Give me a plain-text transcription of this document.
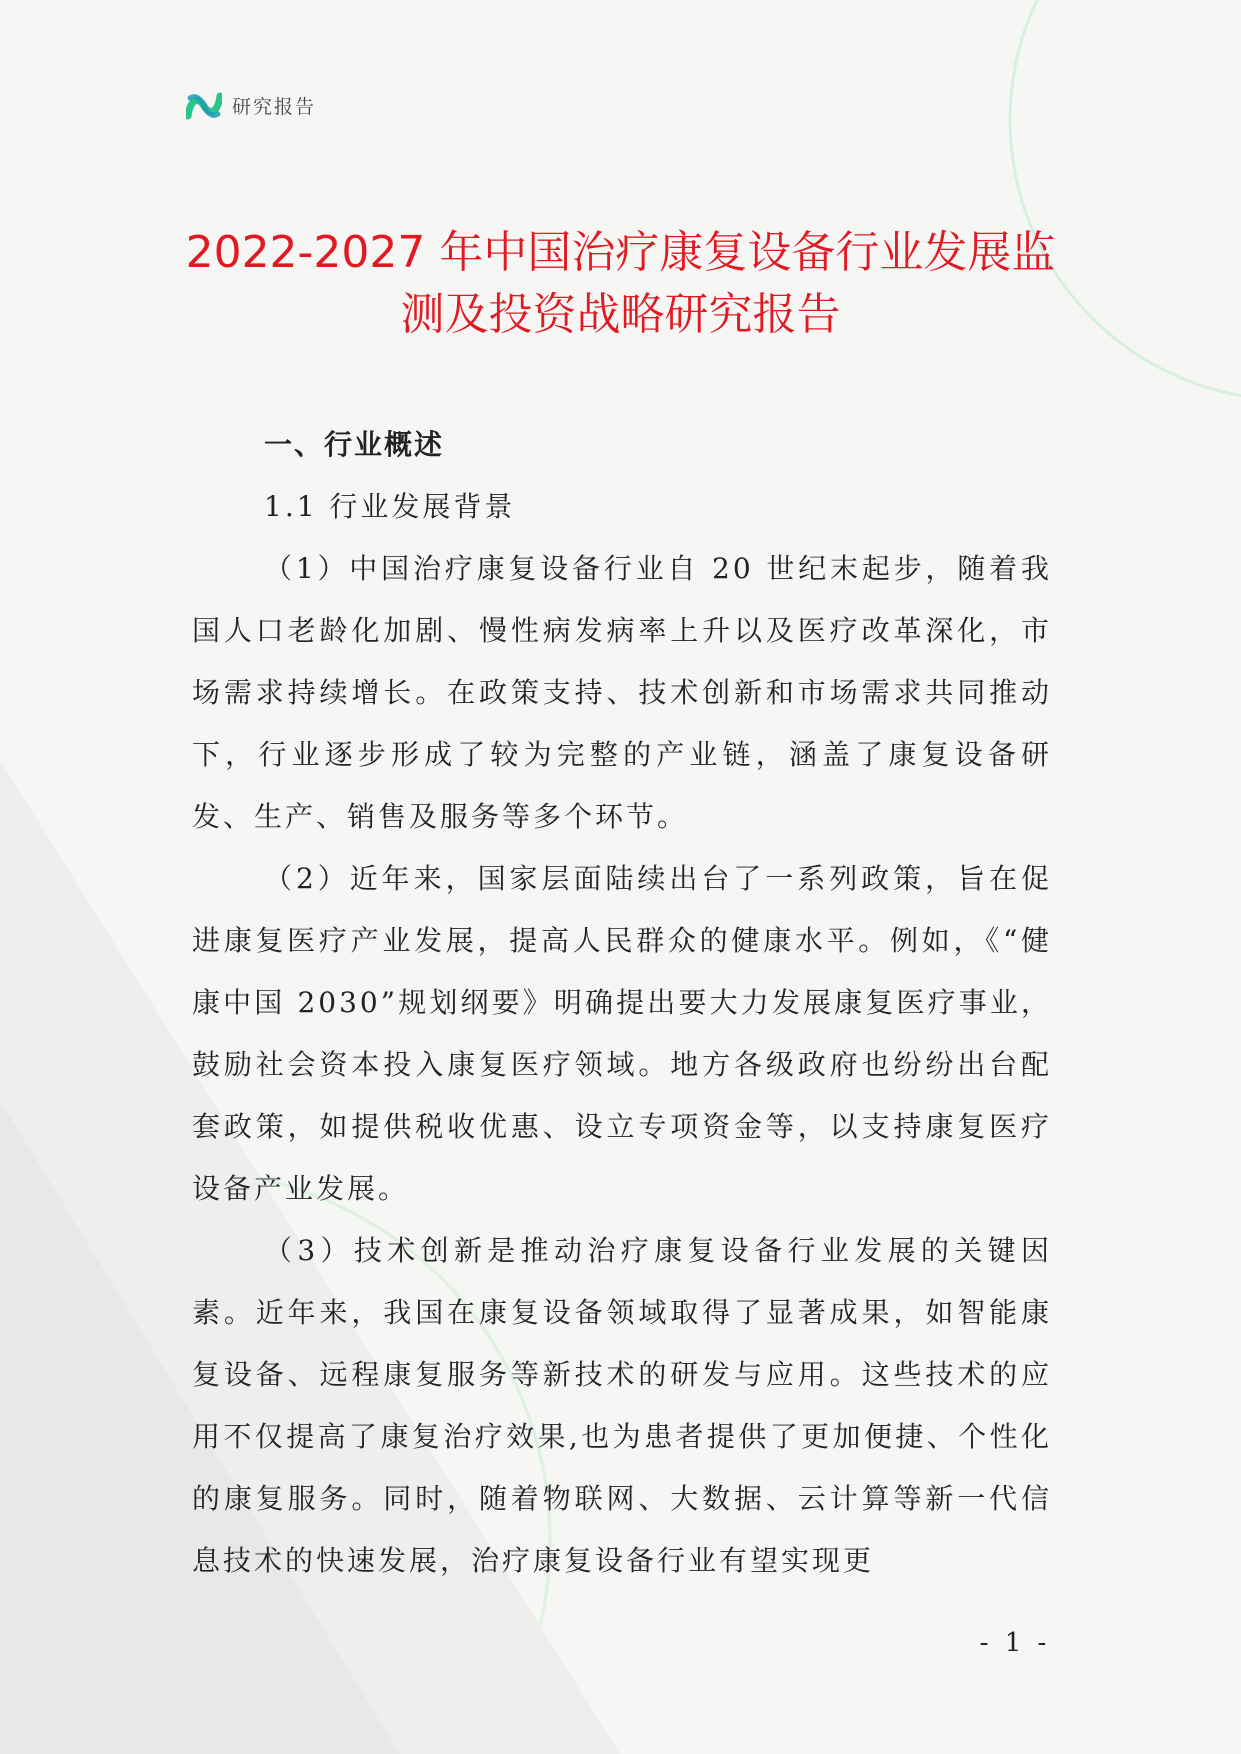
研究报告
2022-2027 年中国治疗康复设备行业发展监
测及投资战略研究报告

一、行业概述

1.1 行业发展背景

（1）中国治疗康复设备行业自 20 世纪末起步，随着我国人口老龄化加剧、慢性病发病率上升以及医疗改革深化，市场需求持续增长。在政策支持、技术创新和市场需求共同推动下，行业逐步形成了较为完整的产业链，涵盖了康复设备研发、生产、销售及服务等多个环节。

（2）近年来，国家层面陆续出台了一系列政策，旨在促进康复医疗产业发展，提高人民群众的健康水平。例如，《“健康中国 2030”规划纲要》明确提出要大力发展康复医疗事业，鼓励社会资本投入康复医疗领域。地方各级政府也纷纷出台配套政策，如提供税收优惠、设立专项资金等，以支持康复医疗设备产业发展。

（3）技术创新是推动治疗康复设备行业发展的关键因素。近年来，我国在康复设备领域取得了显著成果，如智能康复设备、远程康复服务等新技术的研发与应用。这些技术的应用不仅提高了康复治疗效果,也为患者提供了更加便捷、个性化的康复服务。同时，随着物联网、大数据、云计算等新一代信息技术的快速发展，治疗康复设备行业有望实现更

- 1 -
